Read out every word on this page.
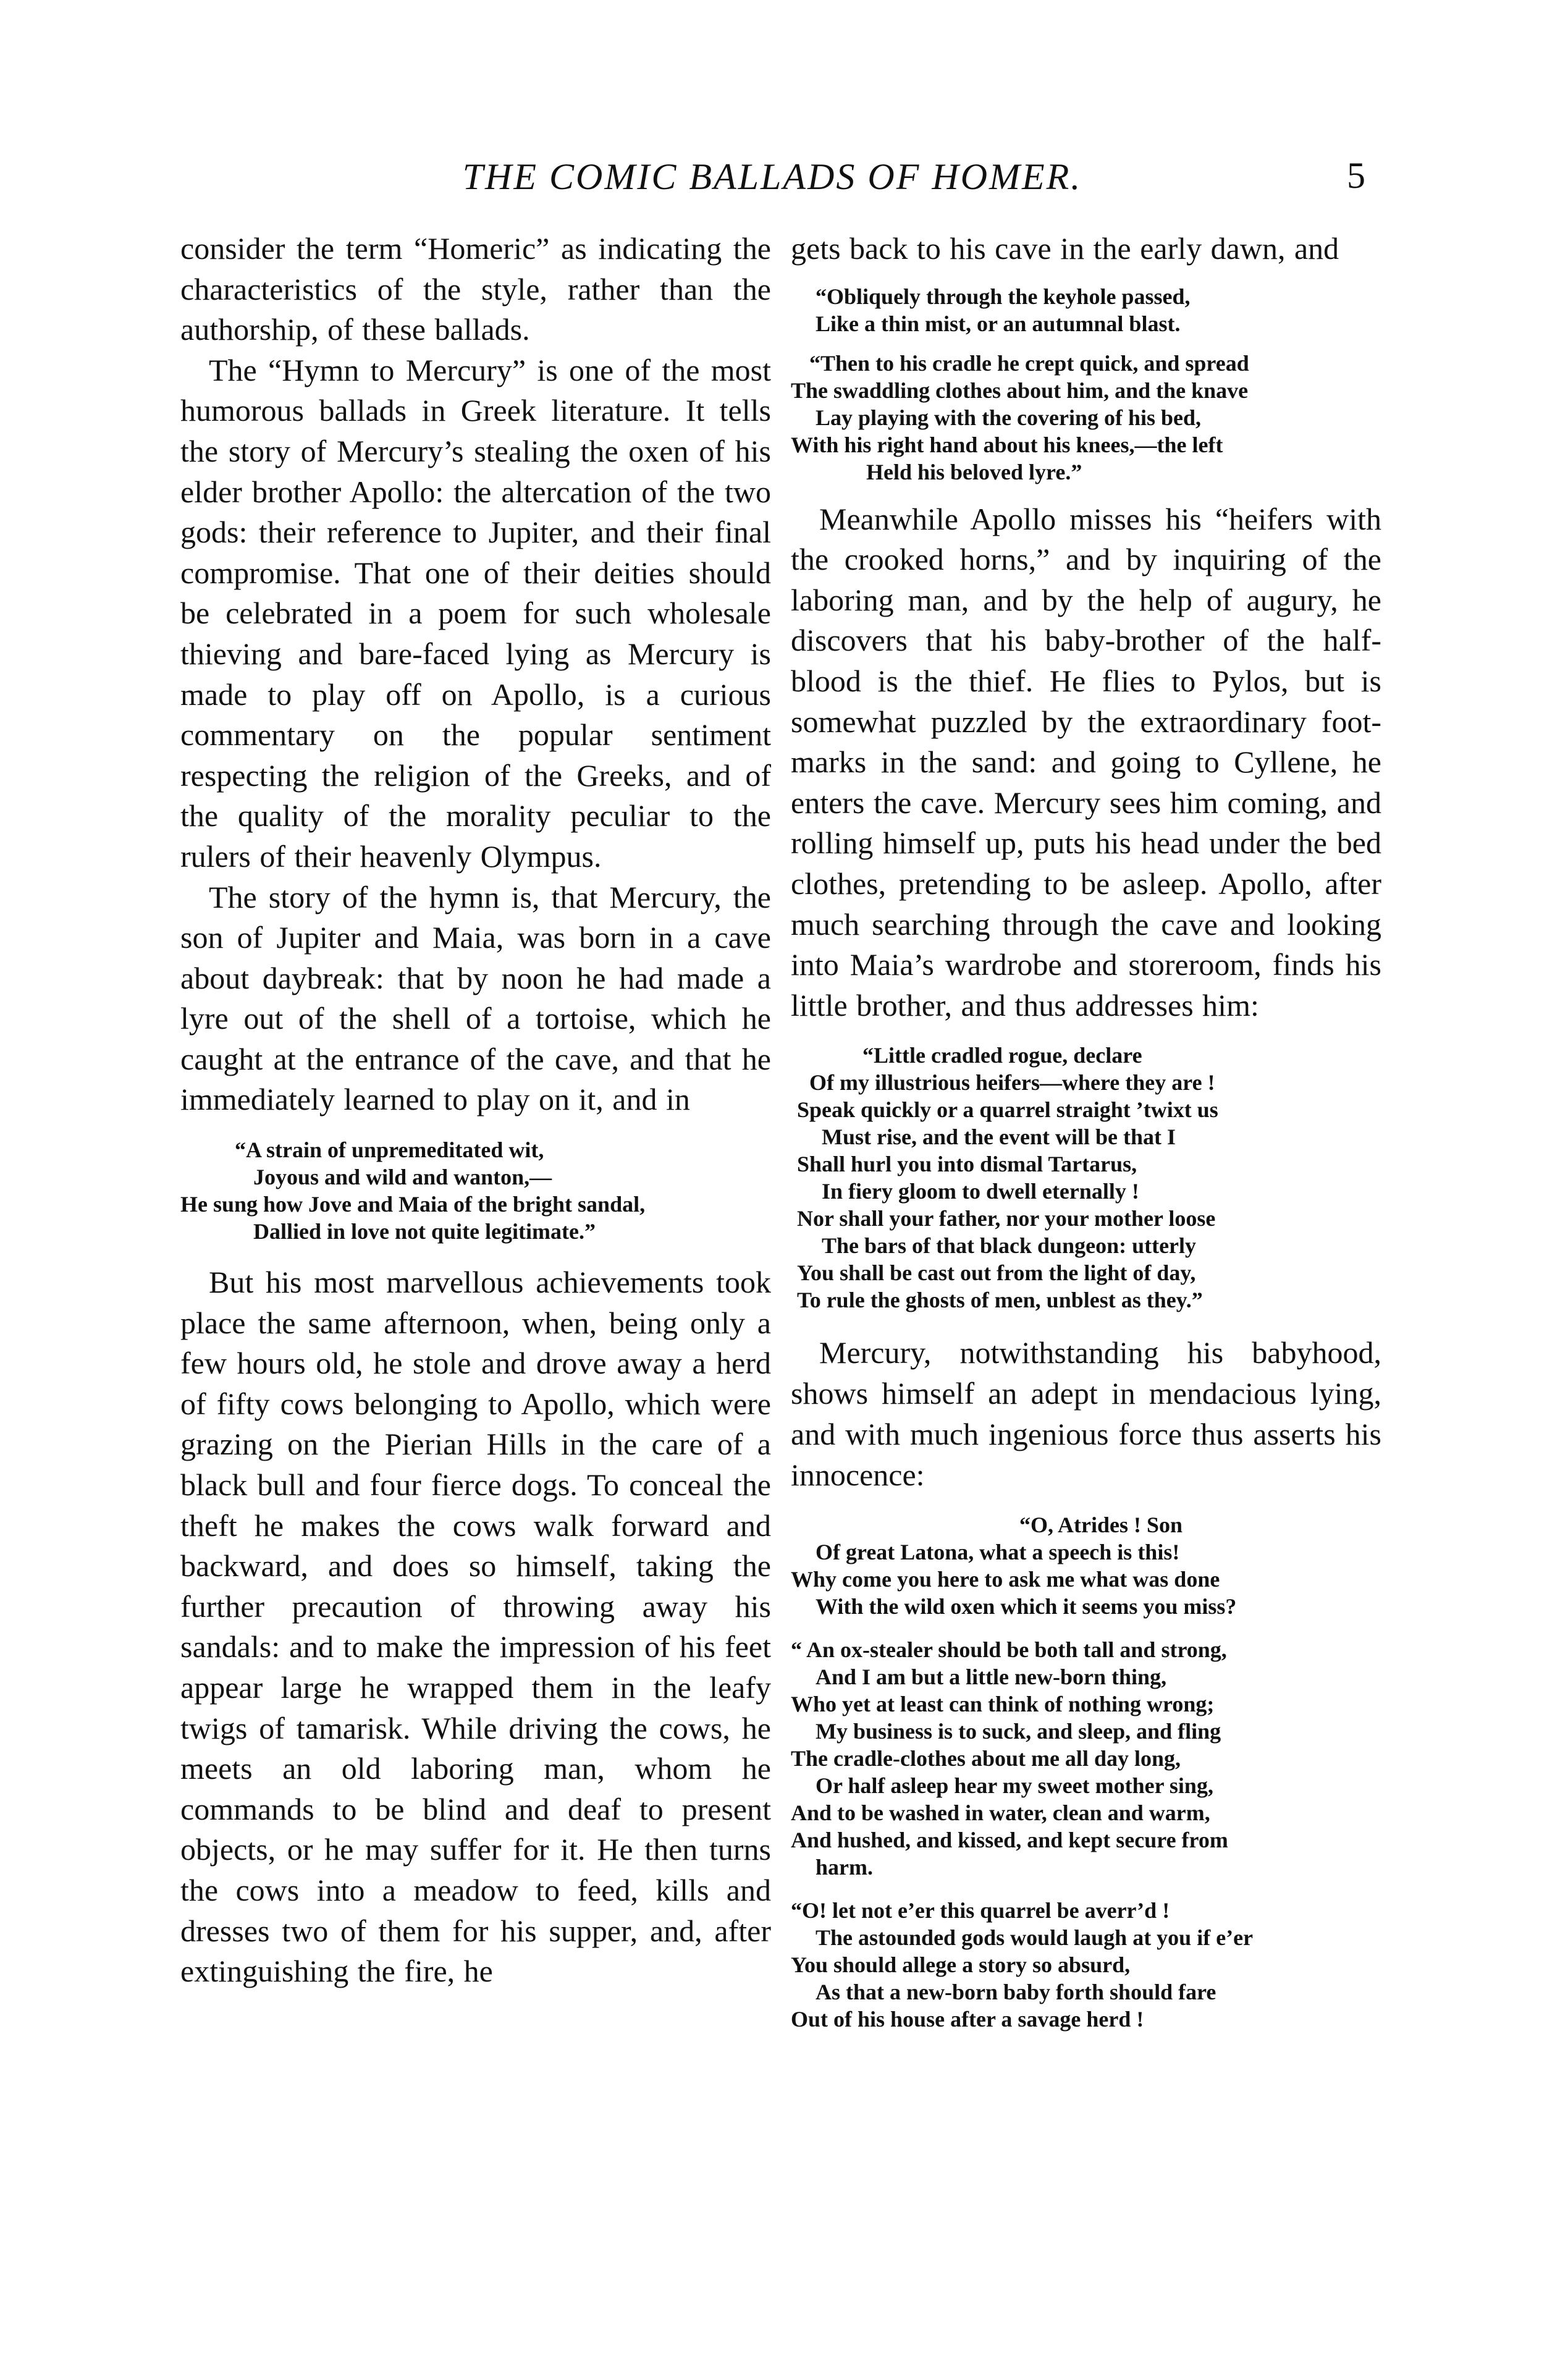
THE COMIC BALLADS OF HOMER.	5

consider the term “Homeric” as indicating the characteristics of the style, rather than the authorship, of these ballads.

The “Hymn to Mercury” is one of the most humorous ballads in Greek literature. It tells the story of Mercury’s stealing the oxen of his elder brother Apollo: the altercation of the two gods: their reference to Jupiter, and their final compromise. That one of their deities should be celebrated in a poem for such wholesale thieving and bare-faced lying as Mercury is made to play off on Apollo, is a curious commentary on the popular sentiment respecting the religion of the Greeks, and of the quality of the morality peculiar to the rulers of their heavenly Olympus.

The story of the hymn is, that Mercury, the son of Jupiter and Maia, was born in a cave about daybreak: that by noon he had made a lyre out of the shell of a tortoise, which he caught at the entrance of the cave, and that he immediately learned to play on it, and in

“A strain of unpremeditated wit,
Joyous and wild and wanton,—
He sung how Jove and Maia of the bright sandal,
Dallied in love not quite legitimate.”

But his most marvellous achievements took place the same afternoon, when, being only a few hours old, he stole and drove away a herd of fifty cows belonging to Apollo, which were grazing on the Pierian Hills in the care of a black bull and four fierce dogs. To conceal the theft he makes the cows walk forward and backward, and does so himself, taking the further precaution of throwing away his sandals: and to make the impression of his feet appear large he wrapped them in the leafy twigs of tamarisk. While driving the cows, he meets an old laboring man, whom he commands to be blind and deaf to present objects, or he may suffer for it. He then turns the cows into a meadow to feed, kills and dresses two of them for his supper, and, after extinguishing the fire, he

gets back to his cave in the early dawn, and

“Obliquely through the keyhole passed,
Like a thin mist, or an autumnal blast.
“Then to his cradle he crept quick, and spread
The swaddling clothes about him, and the knave
Lay playing with the covering of his bed,
With his right hand about his knees,—the left
Held his beloved lyre.”

Meanwhile Apollo misses his “heifers with the crooked horns,” and by inquiring of the laboring man, and by the help of augury, he discovers that his baby-brother of the half-blood is the thief. He flies to Pylos, but is somewhat puzzled by the extraordinary foot-marks in the sand: and going to Cyllene, he enters the cave. Mercury sees him coming, and rolling himself up, puts his head under the bed clothes, pretending to be asleep. Apollo, after much searching through the cave and looking into Maia’s wardrobe and storeroom, finds his little brother, and thus addresses him:

“Little cradled rogue, declare
Of my illustrious heifers—where they are !
Speak quickly or a quarrel straight ’twixt us
Must rise, and the event will be that I
Shall hurl you into dismal Tartarus,
In fiery gloom to dwell eternally !
Nor shall your father, nor your mother loose
The bars of that black dungeon: utterly
You shall be cast out from the light of day,
To rule the ghosts of men, unblest as they.”

Mercury, notwithstanding his babyhood, shows himself an adept in mendacious lying, and with much ingenious force thus asserts his innocence:

“O, Atrides ! Son
Of great Latona, what a speech is this!
Why come you here to ask me what was done
With the wild oxen which it seems you miss?
“ An ox-stealer should be both tall and strong,
And I am but a little new-born thing,
Who yet at least can think of nothing wrong;
My business is to suck, and sleep, and fling
The cradle-clothes about me all day long,
Or half asleep hear my sweet mother sing,
And to be washed in water, clean and warm,
And hushed, and kissed, and kept secure from
harm.
“O! let not e’er this quarrel be averr’d !
The astounded gods would laugh at you if e’er
You should allege a story so absurd,
As that a new-born baby forth should fare
Out of his house after a savage herd !
